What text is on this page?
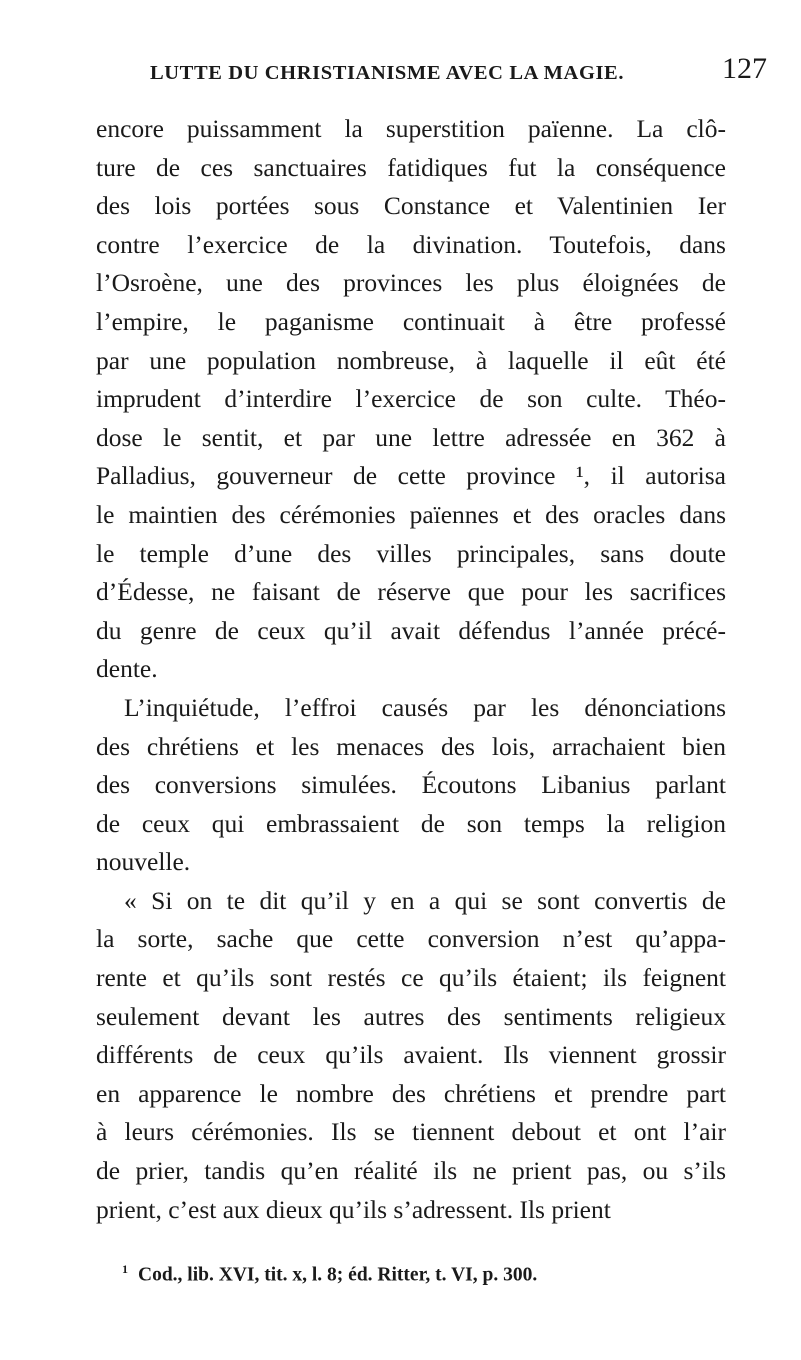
LUTTE DU CHRISTIANISME AVEC LA MAGIE.	127
encore puissamment la superstition païenne. La clô-
ture de ces sanctuaires fatidiques fut la conséquence
des lois portées sous Constance et Valentinien Ier
contre l’exercice de la divination. Toutefois, dans
l’Osroène, une des provinces les plus éloignées de
l’empire, le paganisme continuait à être professé
par une population nombreuse, à laquelle il eût été
imprudent d’interdire l’exercice de son culte. Théo-
dose le sentit, et par une lettre adressée en 362 à
Palladius, gouverneur de cette province ¹, il autorisa
le maintien des cérémonies païennes et des oracles dans
le temple d’une des villes principales, sans doute
d’Édesse, ne faisant de réserve que pour les sacrifices
du genre de ceux qu’il avait défendus l’année précé-
dente.
L’inquiétude, l’effroi causés par les dénonciations
des chrétiens et les menaces des lois, arrachaient bien
des conversions simulées. Écoutons Libanius parlant
de ceux qui embrassaient de son temps la religion
nouvelle.
« Si on te dit qu’il y en a qui se sont convertis de
la sorte, sache que cette conversion n’est qu’appa-
rente et qu’ils sont restés ce qu’ils étaient; ils feignent
seulement devant les autres des sentiments religieux
différents de ceux qu’ils avaient. Ils viennent grossir
en apparence le nombre des chrétiens et prendre part
à leurs cérémonies. Ils se tiennent debout et ont l’air
de prier, tandis qu’en réalité ils ne prient pas, ou s’ils
prient, c’est aux dieux qu’ils s’adressent. Ils prient
$^1$ Cod., lib. XVI, tit. x, l. 8; éd. Ritter, t. VI, p. 300.
